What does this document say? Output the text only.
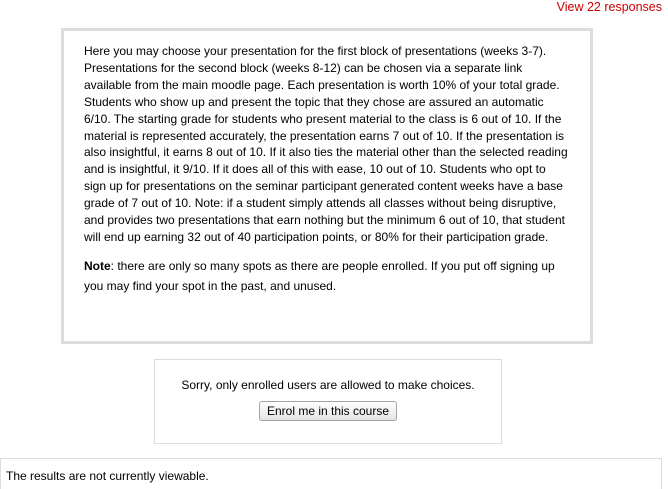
View 22 responses

Here you may choose your presentation for the first block of presentations (weeks 3-7). Presentations for the second block (weeks 8-12) can be chosen via a separate link available from the main moodle page. Each presentation is worth 10% of your total grade. Students who show up and present the topic that they chose are assured an automatic 6/10. The starting grade for students who present material to the class is 6 out of 10. If the material is represented accurately, the presentation earns 7 out of 10. If the presentation is also insightful, it earns 8 out of 10. If it also ties the material other than the selected reading and is insightful, it 9/10. If it does all of this with ease, 10 out of 10. Students who opt to sign up for presentations on the seminar participant generated content weeks have a base grade of 7 out of 10. Note: if a student simply attends all classes without being disruptive, and provides two presentations that earn nothing but the minimum 6 out of 10, that student will end up earning 32 out of 40 participation points, or 80% for their participation grade.

Note: there are only so many spots as there are people enrolled. If you put off signing up you may find your spot in the past, and unused.

Sorry, only enrolled users are allowed to make choices.

Enrol me in this course
The results are not currently viewable.
